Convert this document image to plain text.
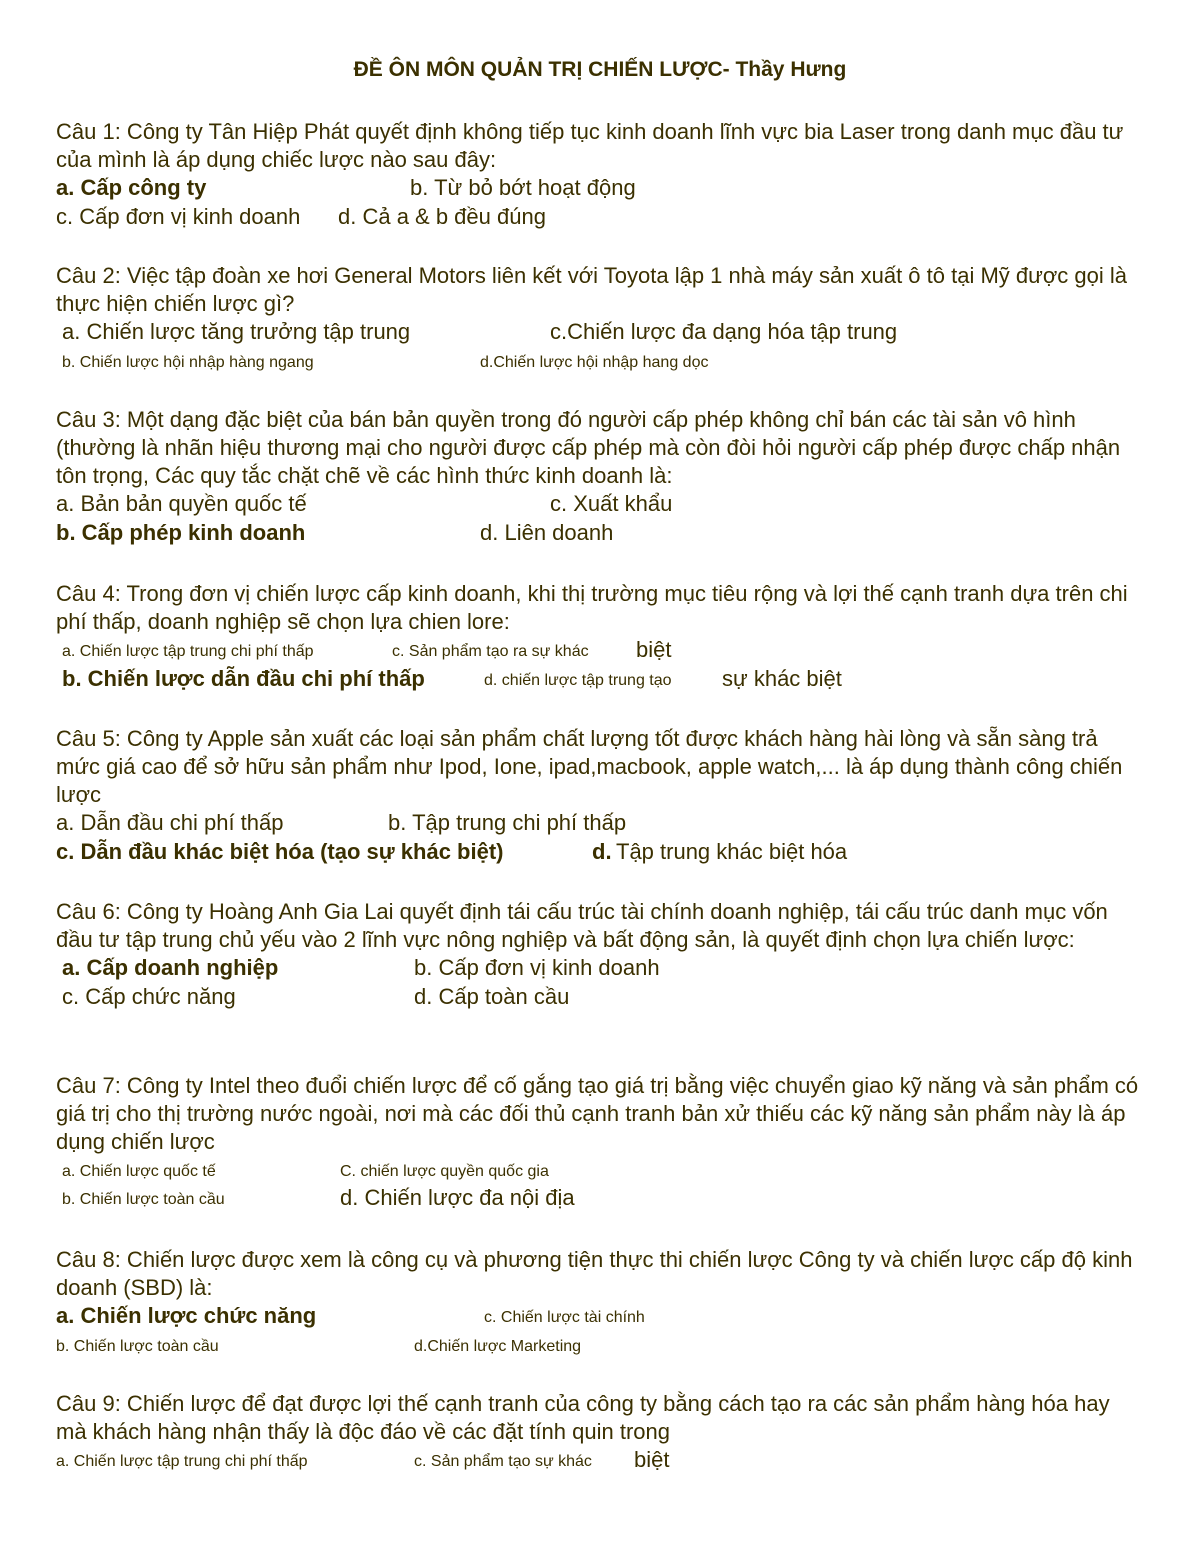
ĐỀ ÔN MÔN QUẢN TRỊ CHIẾN LƯỢC- Thầy Hưng

Câu 1: Công ty Tân Hiệp Phát quyết định không tiếp tục kinh doanh lĩnh vực bia Laser trong danh mục đầu tư của mình là áp dụng chiếc lược nào sau đây:

a. Cấp công ty	b. Từ bỏ bớt hoạt động
c. Cấp đơn vị kinh doanh d. Cả a & b đều đúng

Câu 2: Việc tập đoàn xe hơi General Motors liên kết với Toyota lập 1 nhà máy sản xuất ô tô tại Mỹ được gọi là thực hiện chiến lược gì?

a. Chiến lược tăng trưởng tập trung	c.Chiến lược đa dạng hóa tập trung
b. Chiến lược hội nhập hàng ngang	d.Chiến lược hội nhập hang dọc

Câu 3: Một dạng đặc biệt của bán bản quyền trong đó người cấp phép không chỉ bán các tài sản vô hình (thường là nhãn hiệu thương mại cho người được cấp phép mà còn đòi hỏi người cấp phép được chấp nhận tôn trọng, Các quy tắc chặt chẽ về các hình thức kinh doanh là:

a. Bản bản quyền quốc tế	c. Xuất khẩu
b. Cấp phép kinh doanh	d. Liên doanh

Câu 4: Trong đơn vị chiến lược cấp kinh doanh, khi thị trường mục tiêu rộng và lợi thế cạnh tranh dựa trên chi phí thấp, doanh nghiệp sẽ chọn lựa chien lore:

a. Chiến lược tập trung chi phí thấp	c. Sản phẩm tạo ra sự khác biệt
b. Chiến lược dẫn đầu chi phí thấp	d. chiến lược tập trung tạo sự khác biệt

Câu 5: Công ty Apple sản xuất các loại sản phẩm chất lượng tốt được khách hàng hài lòng và sẵn sàng trả mức giá cao để sở hữu sản phẩm như Ipod, Ione, ipad,macbook, apple watch,... là áp dụng thành công chiến lược

a. Dẫn đầu chi phí thấp	b. Tập trung chi phí thấp
c. Dẫn đầu khác biệt hóa (tạo sự khác biệt)	d. Tập trung khác biệt hóa

Câu 6: Công ty Hoàng Anh Gia Lai quyết định tái cấu trúc tài chính doanh nghiệp, tái cấu trúc danh mục vốn đầu tư tập trung chủ yếu vào 2 lĩnh vực nông nghiệp và bất động sản, là quyết định chọn lựa chiến lược:

a. Cấp doanh nghiệp	b. Cấp đơn vị kinh doanh
c. Cấp chức năng	d. Cấp toàn cầu

Câu 7: Công ty Intel theo đuổi chiến lược để cố gắng tạo giá trị bằng việc chuyển giao kỹ năng và sản phẩm có giá trị cho thị trường nước ngoài, nơi mà các đối thủ cạnh tranh bản xử thiếu các kỹ năng sản phẩm này là áp dụng chiến lược

a. Chiến lược quốc tế	C. chiến lược quyền quốc gia
b. Chiến lược toàn cầu	d. Chiến lược đa nội địa

Câu 8: Chiến lược được xem là công cụ và phương tiện thực thi chiến lược Công ty và chiến lược cấp độ kinh doanh (SBD) là:

a. Chiến lược chức năng	c. Chiến lược tài chính
b. Chiến lược toàn cầu	d.Chiến lược Marketing

Câu 9: Chiến lược để đạt được lợi thế cạnh tranh của công ty bằng cách tạo ra các sản phẩm hàng hóa hay mà khách hàng nhận thấy là độc đáo về các đặt tính quin trong

a. Chiến lược tập trung chi phí thấp	c. Sản phẩm tạo sự khác biệt
